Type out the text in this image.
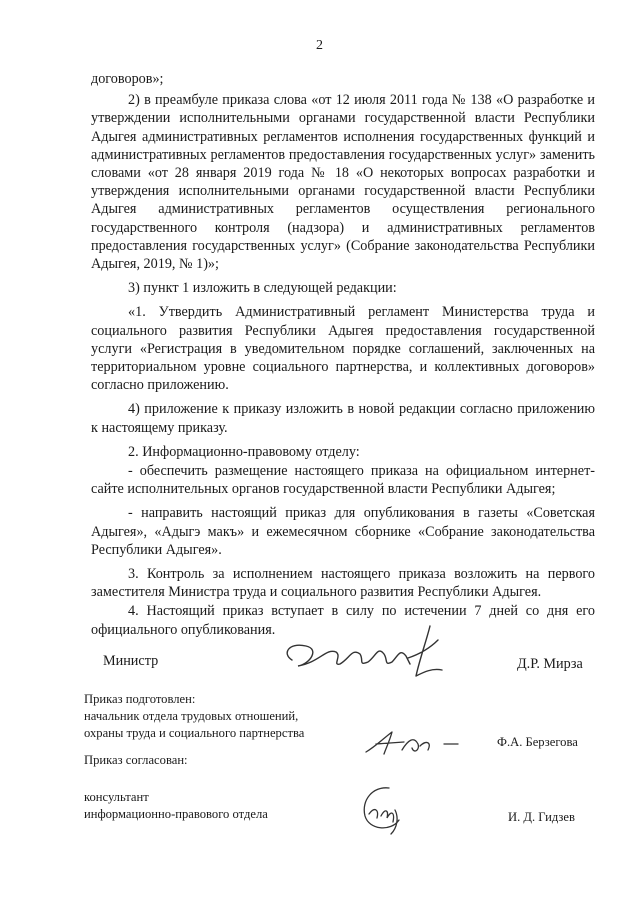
2

договоров»;

2) в преамбуле приказа слова «от 12 июля 2011 года № 138 «О разработке и утверждении исполнительными органами государственной власти Республики Адыгея административных регламентов исполнения государственных функций и административных регламентов предоставления государственных услуг» заменить словами «от 28 января 2019 года № 18 «О некоторых вопросах разработки и утверждения исполнительными органами государственной власти Республики Адыгея административных регламентов осуществления регионального государственного контроля (надзора) и административных регламентов предоставления государственных услуг» (Собрание законодательства Республики Адыгея, 2019, № 1)»;

3) пункт 1 изложить в следующей редакции:

«1. Утвердить Административный регламент Министерства труда и социального развития Республики Адыгея предоставления государственной услуги «Регистрация в уведомительном порядке соглашений, заключенных на территориальном уровне социального партнерства, и коллективных договоров» согласно приложению.

4) приложение к приказу изложить в новой редакции согласно приложению к настоящему приказу.

2. Информационно-правовому отделу:

- обеспечить размещение настоящего приказа на официальном интернет-сайте исполнительных органов государственной власти Республики Адыгея;

- направить настоящий приказ для опубликования в газеты «Советская Адыгея», «Адыгэ макъ» и ежемесячном сборнике «Собрание законодательства Республики Адыгея».

3. Контроль за исполнением настоящего приказа возложить на первого заместителя Министра труда и социального развития Республики Адыгея.

4. Настоящий приказ вступает в силу по истечении 7 дней со дня его официального опубликования.

Министр	Д.Р. Мирза
Приказ подготовлен:
начальник отдела трудовых отношений,
охраны труда и социального партнерства
Ф.А. Берзегова
Приказ согласован:
консультант
информационно-правового отдела	И. Д. Гидзев
